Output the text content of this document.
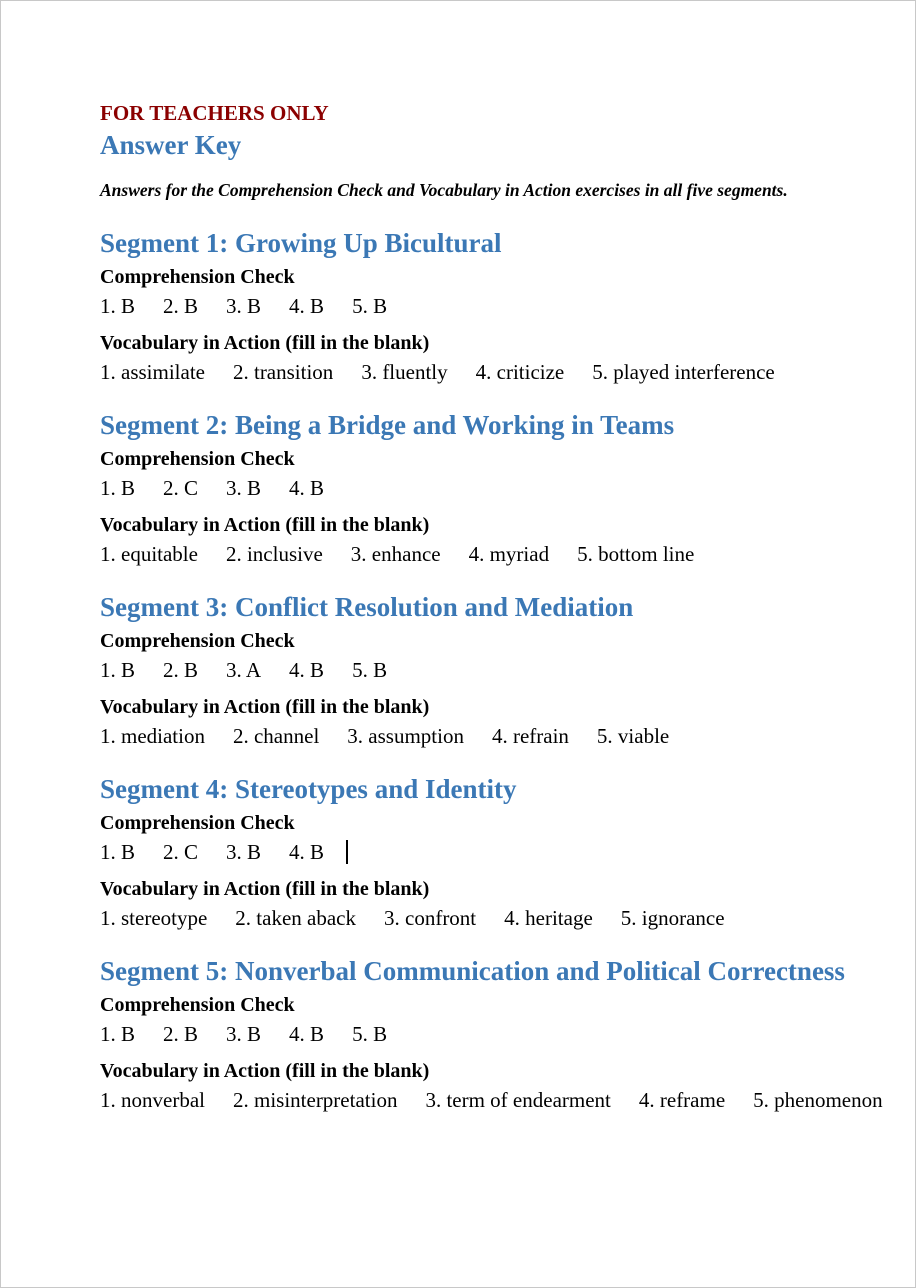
FOR TEACHERS ONLY
Answer Key
Answers for the Comprehension Check and Vocabulary in Action exercises in all five segments.
Segment 1: Growing Up Bicultural
Comprehension Check
1. B 2. B 3. B 4. B 5. B
Vocabulary in Action (fill in the blank)
1. assimilate 2. transition 3. fluently 4. criticize 5. played interference
Segment 2: Being a Bridge and Working in Teams
Comprehension Check
1. B 2. C 3. B 4. B
Vocabulary in Action (fill in the blank)
1. equitable 2. inclusive 3. enhance 4. myriad 5. bottom line
Segment 3: Conflict Resolution and Mediation
Comprehension Check
1. B 2. B 3. A 4. B 5. B
Vocabulary in Action (fill in the blank)
1. mediation 2. channel 3. assumption 4. refrain 5. viable
Segment 4: Stereotypes and Identity
Comprehension Check
1. B 2. C 3. B 4. B
Vocabulary in Action (fill in the blank)
1. stereotype 2. taken aback 3. confront 4. heritage 5. ignorance
Segment 5: Nonverbal Communication and Political Correctness
Comprehension Check
1. B 2. B 3. B 4. B 5. B
Vocabulary in Action (fill in the blank)
1. nonverbal 2. misinterpretation 3. term of endearment 4. reframe 5. phenomenon
